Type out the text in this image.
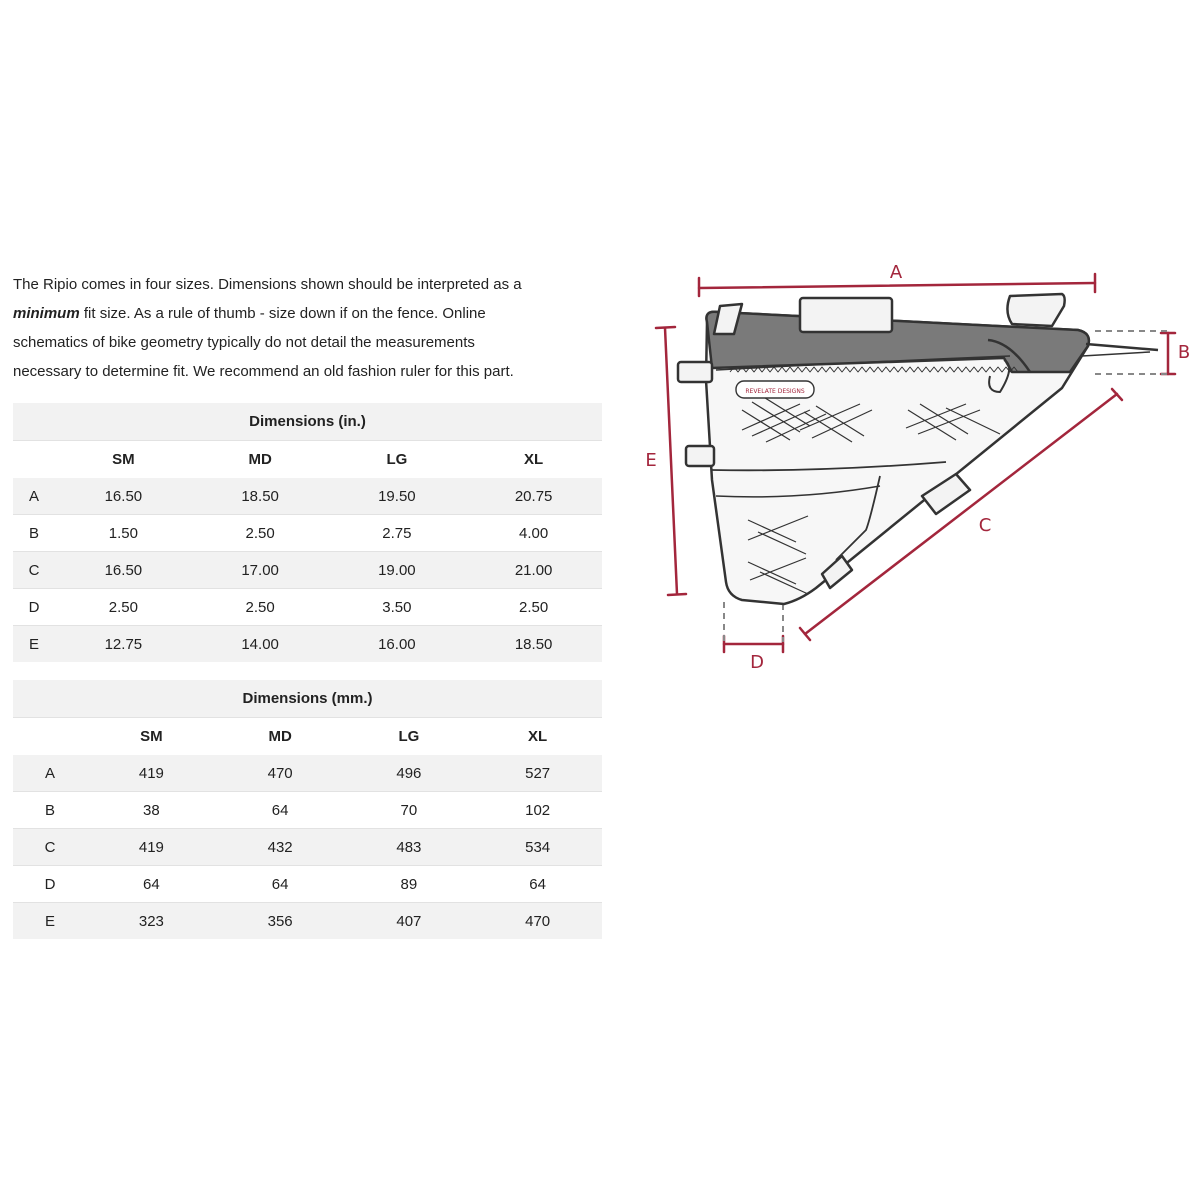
The Ripio comes in four sizes. Dimensions shown should be interpreted as a

minimum fit size. As a rule of thumb - size down if on the fence. Online

schematics of bike geometry typically do not detail the measurements

necessary to determine fit. We recommend an old fashion ruler for this part.

Dimensions (in.)				
	SM	MD	LG	XL
A	16.50	18.50	19.50	20.75
B	1.50	2.50	2.75	4.00
C	16.50	17.00	19.00	21.00
D	2.50	2.50	3.50	2.50
E	12.75	14.00	16.00	18.50
Dimensions (mm.)				
	SM	MD	LG	XL
A	419	470	496	527
B	38	64	70	102
C	419	432	483	534
D	64	64	89	64
E	323	356	407	470
A
B
C
D
E
REVELATE DESIGNS
